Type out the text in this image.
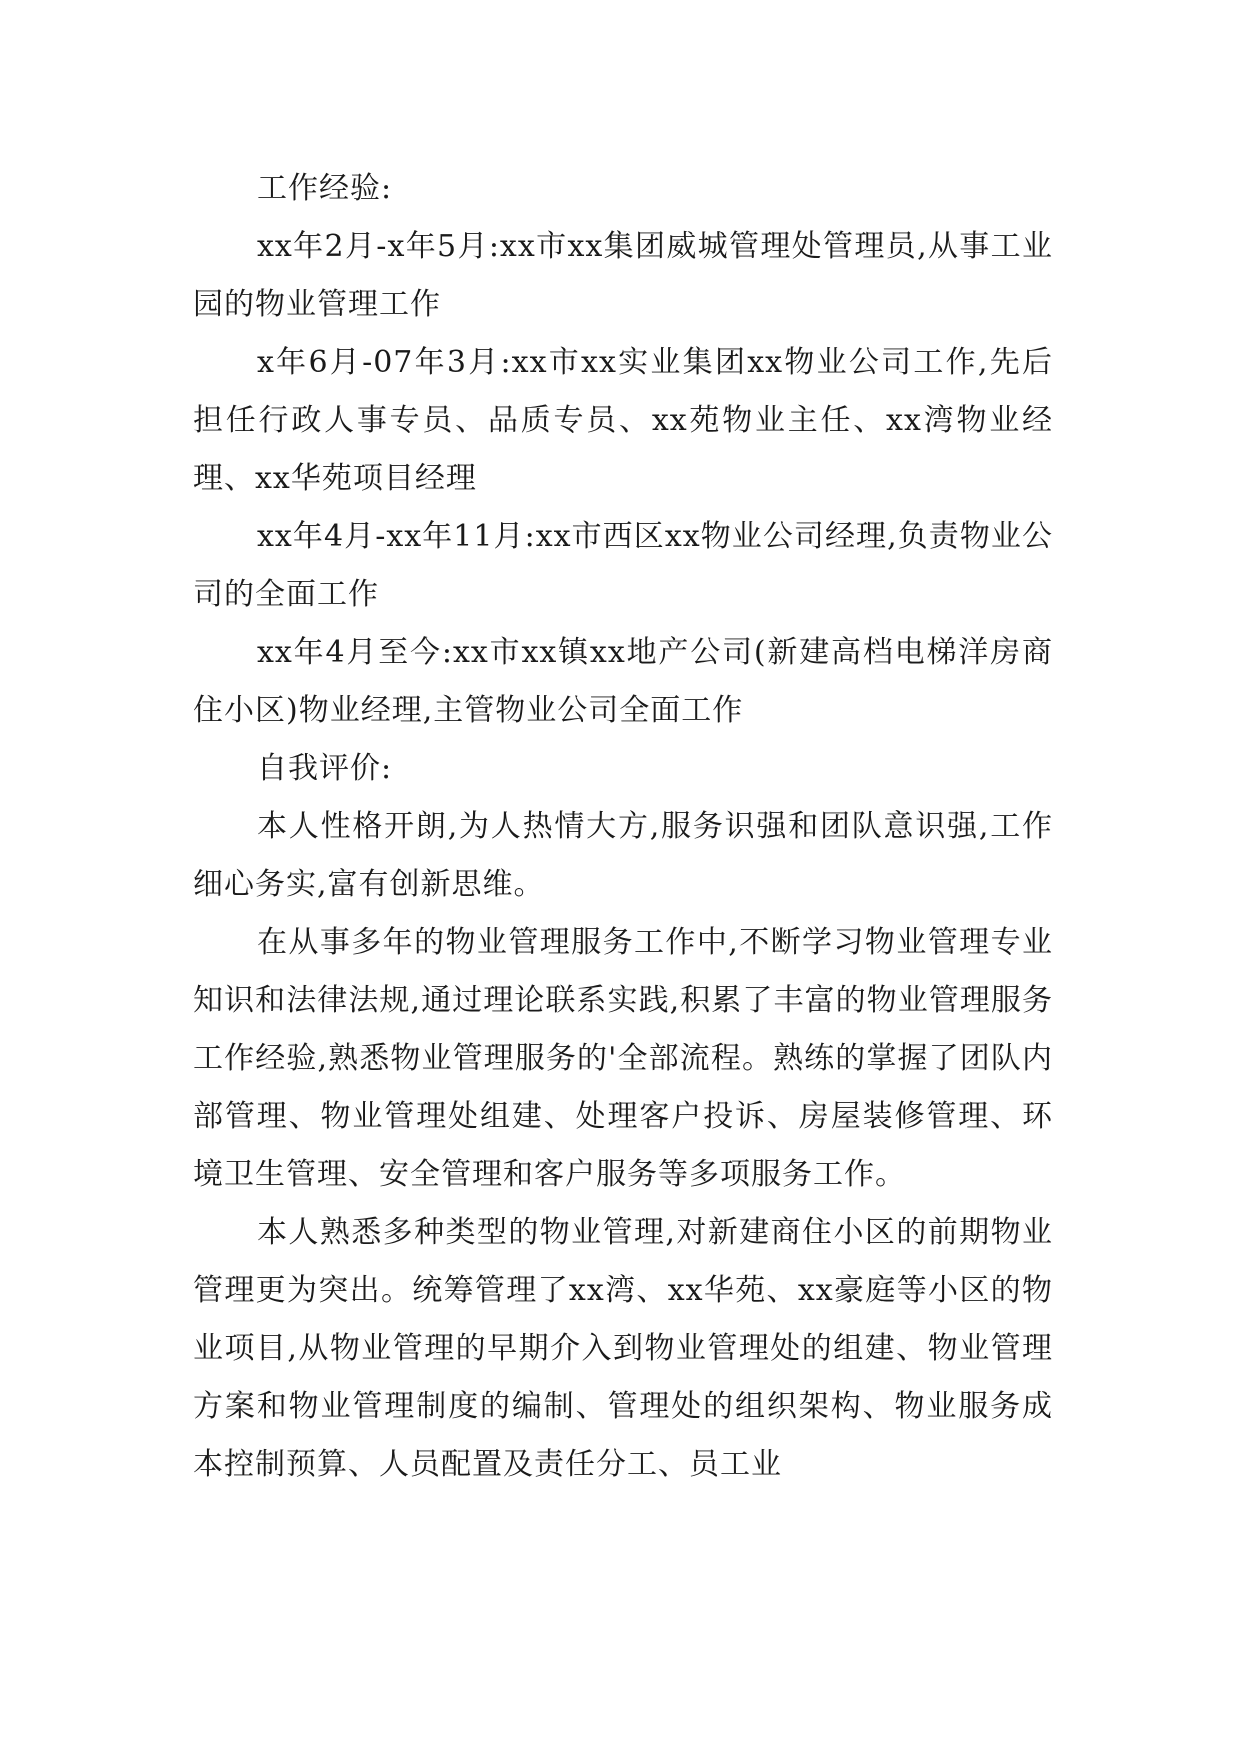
工作经验:

xx年2月-x年5月:xx市xx集团威城管理处管理员,从事工业园的物业管理工作

x年6月-07年3月:xx市xx实业集团xx物业公司工作,先后担任行政人事专员、品质专员、xx苑物业主任、xx湾物业经理、xx华苑项目经理

xx年4月-xx年11月:xx市西区xx物业公司经理,负责物业公司的全面工作

xx年4月至今:xx市xx镇xx地产公司(新建高档电梯洋房商住小区)物业经理,主管物业公司全面工作

自我评价:

本人性格开朗,为人热情大方,服务识强和团队意识强,工作细心务实,富有创新思维。

在从事多年的物业管理服务工作中,不断学习物业管理专业知识和法律法规,通过理论联系实践,积累了丰富的物业管理服务工作经验,熟悉物业管理服务的'全部流程。熟练的掌握了团队内部管理、物业管理处组建、处理客户投诉、房屋装修管理、环境卫生管理、安全管理和客户服务等多项服务工作。

本人熟悉多种类型的物业管理,对新建商住小区的前期物业管理更为突出。统筹管理了xx湾、xx华苑、xx豪庭等小区的物业项目,从物业管理的早期介入到物业管理处的组建、物业管理方案和物业管理制度的编制、管理处的组织架构、物业服务成本控制预算、人员配置及责任分工、员工业
